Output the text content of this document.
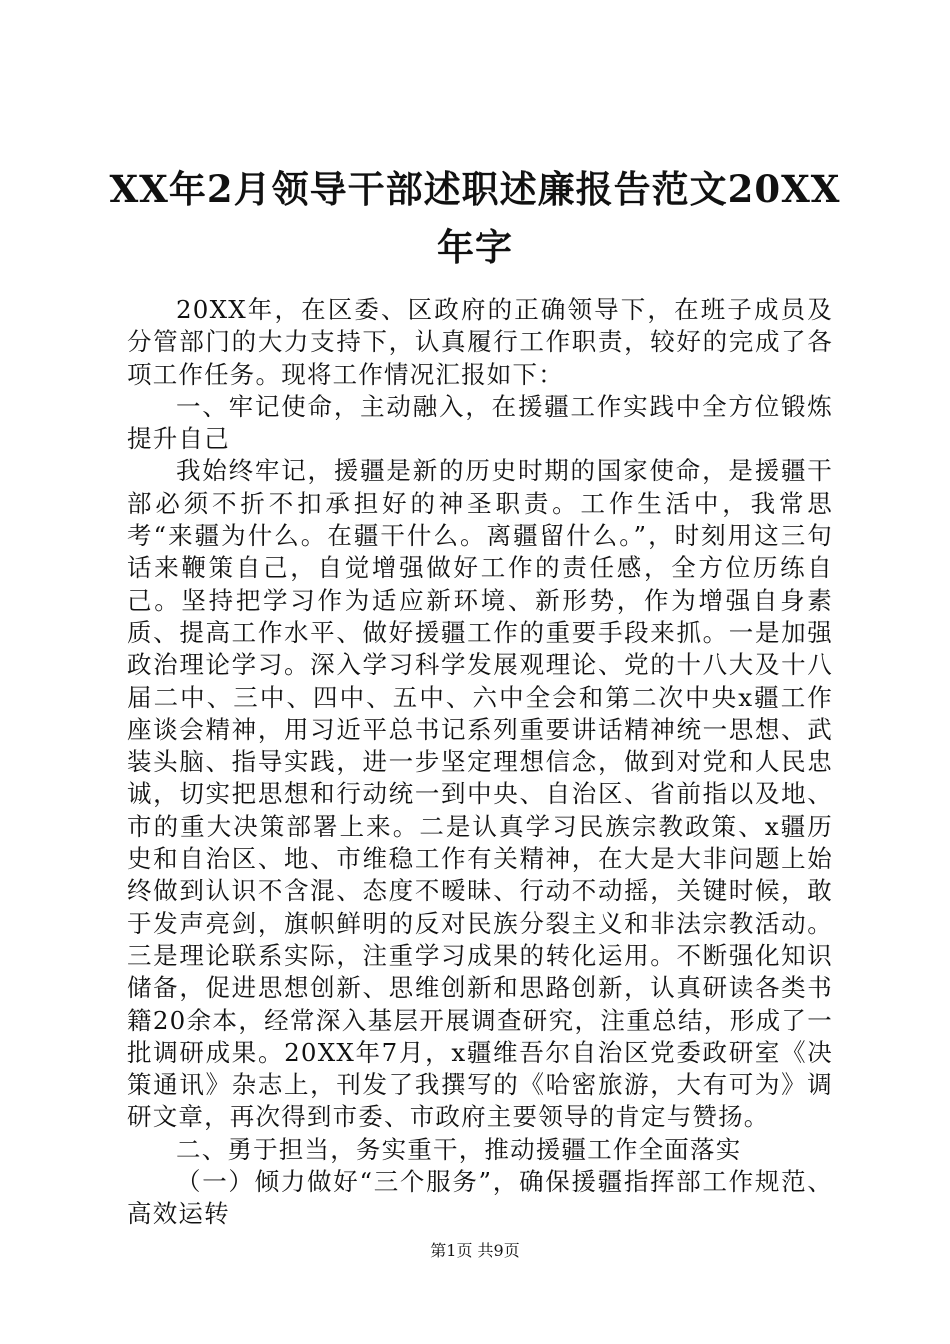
XX年2月领导干部述职述廉报告范文20XX年字

20XX年，在区委、区政府的正确领导下，在班子成员及分管部门的大力支持下，认真履行工作职责，较好的完成了各项工作任务。现将工作情况汇报如下：

一、牢记使命，主动融入，在援疆工作实践中全方位锻炼提升自己

我始终牢记，援疆是新的历史时期的国家使命，是援疆干部必须不折不扣承担好的神圣职责。工作生活中，我常思考“来疆为什么。在疆干什么。离疆留什么。”，时刻用这三句话来鞭策自己，自觉增强做好工作的责任感，全方位历练自己。坚持把学习作为适应新环境、新形势，作为增强自身素质、提高工作水平、做好援疆工作的重要手段来抓。一是加强政治理论学习。深入学习科学发展观理论、党的十八大及十八届二中、三中、四中、五中、六中全会和第二次中央x疆工作座谈会精神，用习近平总书记系列重要讲话精神统一思想、武装头脑、指导实践，进一步坚定理想信念，做到对党和人民忠诚，切实把思想和行动统一到中央、自治区、省前指以及地、市的重大决策部署上来。二是认真学习民族宗教政策、x疆历史和自治区、地、市维稳工作有关精神，在大是大非问题上始终做到认识不含混、态度不暧昧、行动不动摇，关键时候，敢于发声亮剑，旗帜鲜明的反对民族分裂主义和非法宗教活动。三是理论联系实际，注重学习成果的转化运用。不断强化知识储备，促进思想创新、思维创新和思路创新，认真研读各类书籍20余本，经常深入基层开展调查研究，注重总结，形成了一批调研成果。20XX年7月，x疆维吾尔自治区党委政研室《决策通讯》杂志上，刊发了我撰写的《哈密旅游，大有可为》调研文章，再次得到市委、市政府主要领导的肯定与赞扬。

二、勇于担当，务实重干，推动援疆工作全面落实

（一）倾力做好“三个服务”，确保援疆指挥部工作规范、高效运转

第1页 共9页
